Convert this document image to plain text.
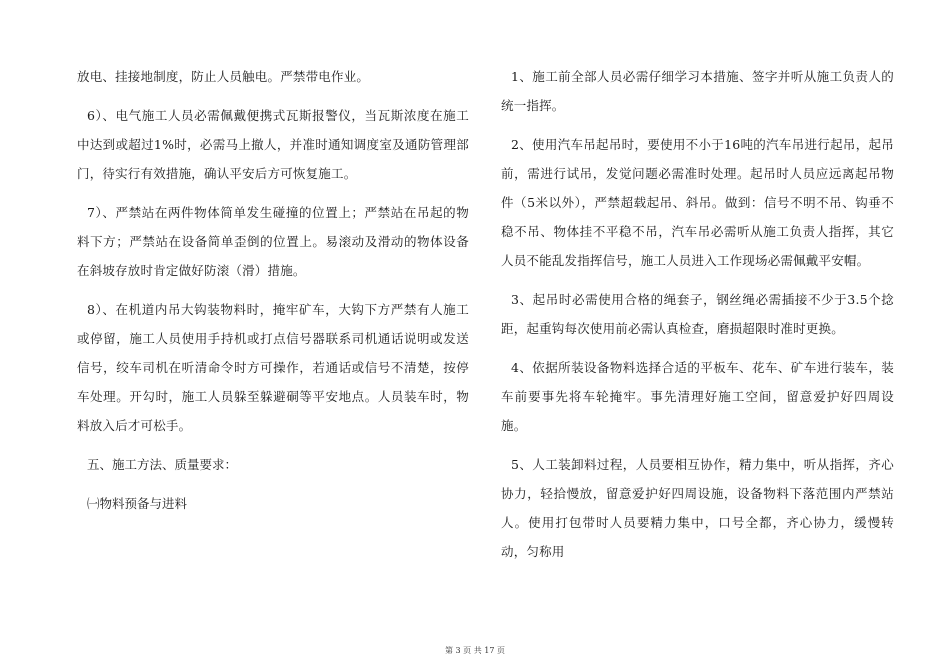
放电、挂接地制度，防止人员触电。严禁带电作业。

6）、电气施工人员必需佩戴便携式瓦斯报警仪，当瓦斯浓度在施工中达到或超过1%时，必需马上撤人，并准时通知调度室及通防管理部门，待实行有效措施，确认平安后方可恢复施工。

7）、严禁站在两件物体简单发生碰撞的位置上；严禁站在吊起的物料下方；严禁站在设备简单歪倒的位置上。易滚动及滑动的物体设备在斜坡存放时肯定做好防滚（滑）措施。

8）、在机道内吊大钩装物料时，掩牢矿车，大钩下方严禁有人施工或停留，施工人员使用手持机或打点信号器联系司机通话说明或发送信号，绞车司机在听清命令时方可操作，若通话或信号不清楚，按停车处理。开勾时，施工人员躲至躲避硐等平安地点。人员装车时，物料放入后才可松手。

五、施工方法、质量要求：

㈠物料预备与进料

1、施工前全部人员必需仔细学习本措施、签字并听从施工负责人的统一指挥。

2、使用汽车吊起吊时，要使用不小于16吨的汽车吊进行起吊，起吊前，需进行试吊，发觉问题必需准时处理。起吊时人员应远离起吊物件（5米以外），严禁超载起吊、斜吊。做到：信号不明不吊、钩垂不稳不吊、物体挂不平稳不吊，汽车吊必需听从施工负责人指挥，其它人员不能乱发指挥信号，施工人员进入工作现场必需佩戴平安帽。

3、起吊时必需使用合格的绳套子，钢丝绳必需插接不少于3.5个捻距，起重钩每次使用前必需认真检查，磨损超限时准时更换。

4、依据所装设备物料选择合适的平板车、花车、矿车进行装车，装车前要事先将车轮掩牢。事先清理好施工空间，留意爱护好四周设施。

5、人工装卸料过程，人员要相互协作，精力集中，听从指挥，齐心协力，轻拾慢放，留意爱护好四周设施，设备物料下落范围内严禁站人。使用打包带时人员要精力集中，口号全都，齐心协力，缓慢转动，匀称用

第 3 页 共 17 页
